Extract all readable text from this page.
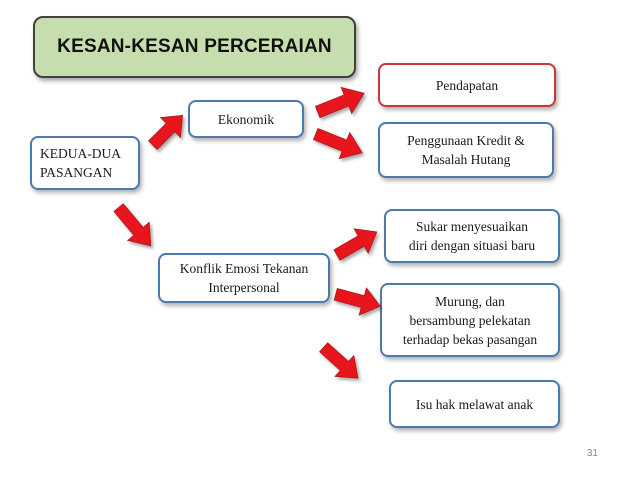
KESAN-KESAN PERCERAIAN
KEDUA-DUA
PASANGAN
Ekonomik
Konflik Emosi Tekanan
Interpersonal
Pendapatan
Penggunaan Kredit &
Masalah Hutang
Sukar menyesuaikan
diri dengan situasi baru
Murung, dan
bersambung pelekatan
terhadap bekas pasangan
Isu hak melawat anak
31
